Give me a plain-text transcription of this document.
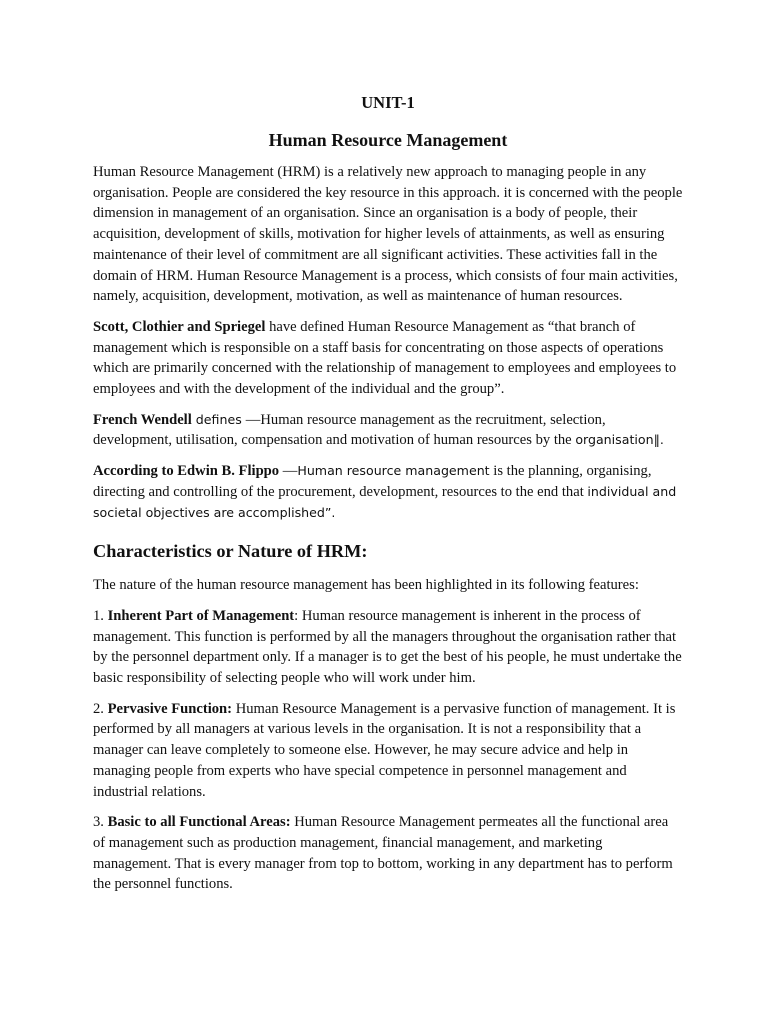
UNIT-1
Human Resource Management

Human Resource Management (HRM) is a relatively new approach to managing people in any organisation. People are considered the key resource in this approach. it is concerned with the people dimension in management of an organisation. Since an organisation is a body of people, their acquisition, development of skills, motivation for higher levels of attainments, as well as ensuring maintenance of their level of commitment are all significant activities. These activities fall in the domain of HRM. Human Resource Management is a process, which consists of four main activities, namely, acquisition, development, motivation, as well as maintenance of human resources.

Scott, Clothier and Spriegel have defined Human Resource Management as “that branch of management which is responsible on a staff basis for concentrating on those aspects of operations which are primarily concerned with the relationship of management to employees and employees to employees and with the development of the individual and the group”.

French Wendell defines —Human resource management as the recruitment, selection, development, utilisation, compensation and motivation of human resources by the organisation‖.

According to Edwin B. Flippo —Human resource management is the planning, organising, directing and controlling of the procurement, development, resources to the end that individual and societal objectives are accomplished”.

Characteristics or Nature of HRM:

The nature of the human resource management has been highlighted in its following features:

1. Inherent Part of Management: Human resource management is inherent in the process of management. This function is performed by all the managers throughout the organisation rather that by the personnel department only. If a manager is to get the best of his people, he must undertake the basic responsibility of selecting people who will work under him.

2. Pervasive Function: Human Resource Management is a pervasive function of management. It is performed by all managers at various levels in the organisation. It is not a responsibility that a manager can leave completely to someone else. However, he may secure advice and help in managing people from experts who have special competence in personnel management and industrial relations.

3. Basic to all Functional Areas: Human Resource Management permeates all the functional area of management such as production management, financial management, and marketing management. That is every manager from top to bottom, working in any department has to perform the personnel functions.
